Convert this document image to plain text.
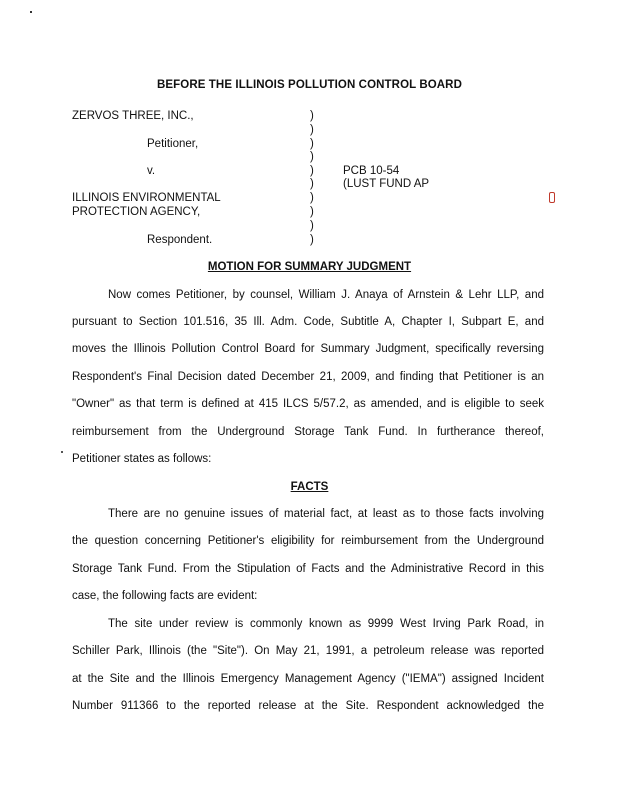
BEFORE THE ILLINOIS POLLUTION CONTROL BOARD
ZERVOS THREE, INC.,
Petitioner,
v.
ILLINOIS ENVIRONMENTAL
PROTECTION AGENCY,
Respondent.
PCB 10-54
(LUST FUND AP
)
)
)
)
)
)
)
)
)
)
MOTION FOR SUMMARY JUDGMENT
Now comes Petitioner, by counsel, William J. Anaya of Arnstein & Lehr LLP, and
pursuant to Section 101.516, 35 Ill. Adm. Code, Subtitle A, Chapter I, Subpart E, and
moves the Illinois Pollution Control Board for Summary Judgment, specifically reversing
Respondent's Final Decision dated December 21, 2009, and finding that Petitioner is an
"Owner" as that term is defined at 415 ILCS 5/57.2, as amended, and is eligible to seek
reimbursement from the Underground Storage Tank Fund. In furtherance thereof,
Petitioner states as follows:
FACTS
There are no genuine issues of material fact, at least as to those facts involving
the question concerning Petitioner's eligibility for reimbursement from the Underground
Storage Tank Fund. From the Stipulation of Facts and the Administrative Record in this
case, the following facts are evident:
The site under review is commonly known as 9999 West Irving Park Road, in
Schiller Park, Illinois (the "Site"). On May 21, 1991, a petroleum release was reported
at the Site and the Illinois Emergency Management Agency ("IEMA") assigned Incident
Number 911366 to the reported release at the Site. Respondent acknowledged the
